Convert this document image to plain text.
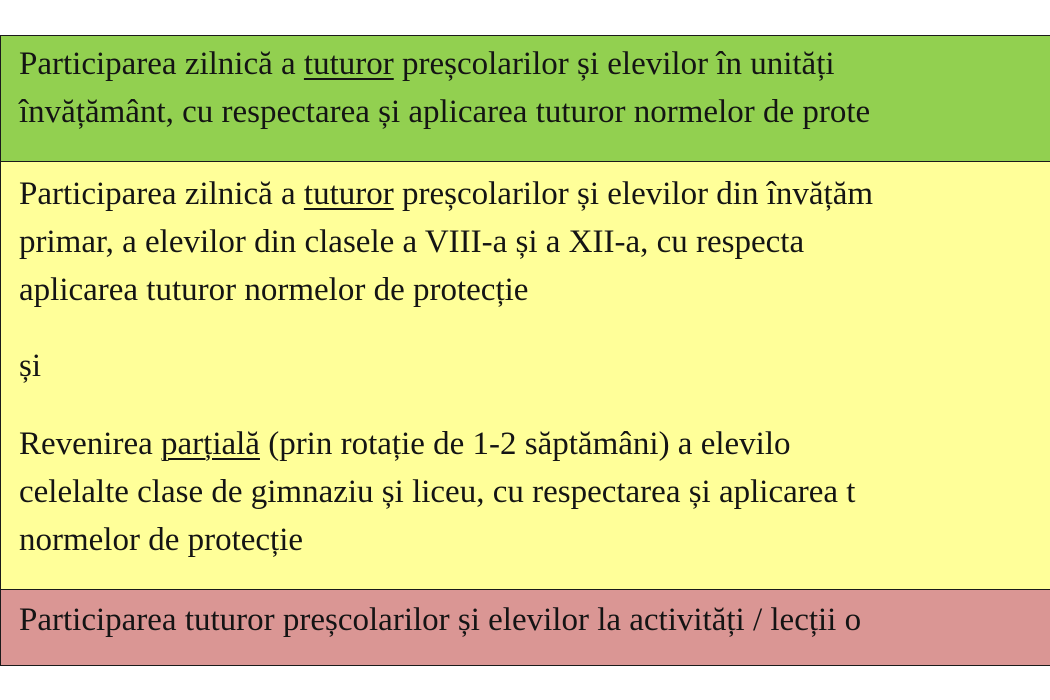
Participarea zilnică a tuturor preșcolarilor și elevilor în unități
învățământ, cu respectarea și aplicarea tuturor normelor de prote
Participarea zilnică a tuturor preșcolarilor și elevilor din învățăm
primar, a elevilor din clasele a VIII-a și a XII-a, cu respecta
aplicarea tuturor normelor de protecție
și
Revenirea parțială (prin rotație de 1-2 săptămâni) a elevilo
celelalte clase de gimnaziu și liceu, cu respectarea și aplicarea t
normelor de protecție
Participarea tuturor preșcolarilor și elevilor la activități / lecții o
